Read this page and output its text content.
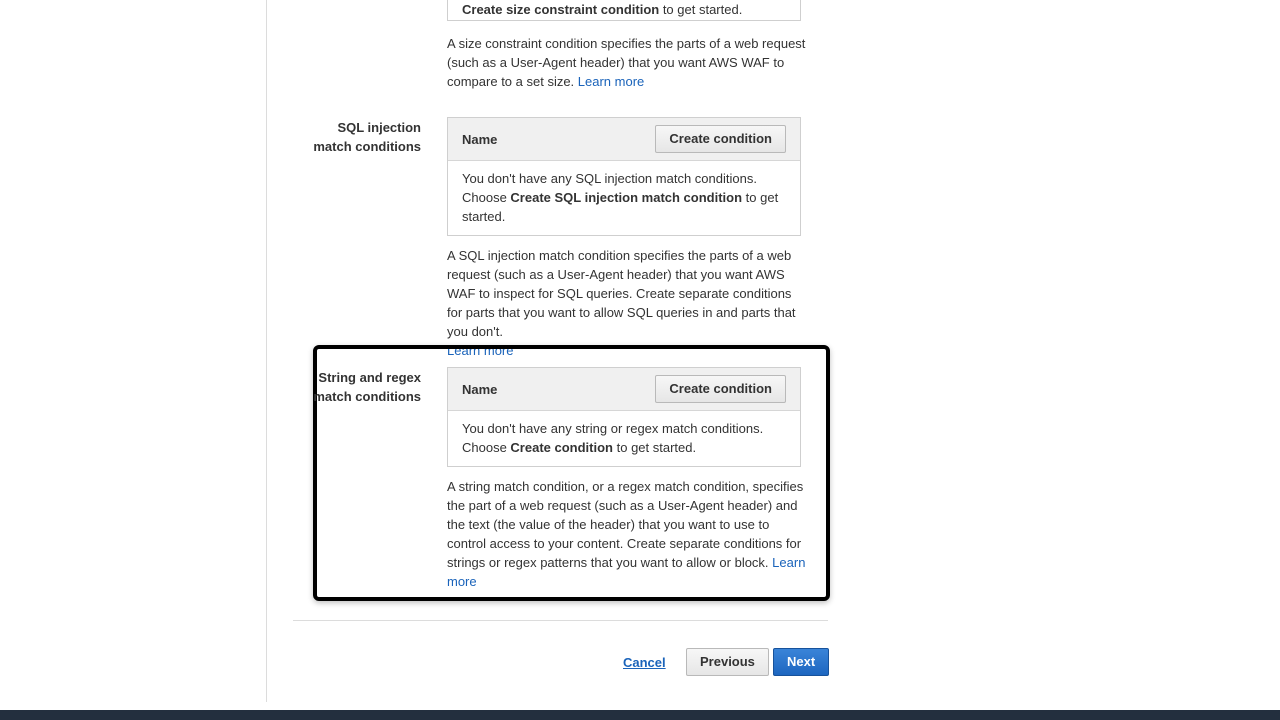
Create size constraint condition to get started.
A size constraint condition specifies the parts of a web request (such as a User-Agent header) that you want AWS WAF to compare to a set size. Learn more
SQL injection match conditions	Name	Create condition
You don't have any SQL injection match conditions.
Choose Create SQL injection match condition to get started.
A SQL injection match condition specifies the parts of a web request (such as a User-Agent header) that you want AWS WAF to inspect for SQL queries. Create separate conditions for parts that you want to allow SQL queries in and parts that you don't.
Learn more
String and regex match conditions	Name	Create condition
You don't have any string or regex match conditions.
Choose Create condition to get started.
A string match condition, or a regex match condition, specifies the part of a web request (such as a User-Agent header) and the text (the value of the header) that you want to use to control access to your content. Create separate conditions for strings or regex patterns that you want to allow or block. Learn more
Cancel	Previous	Next
